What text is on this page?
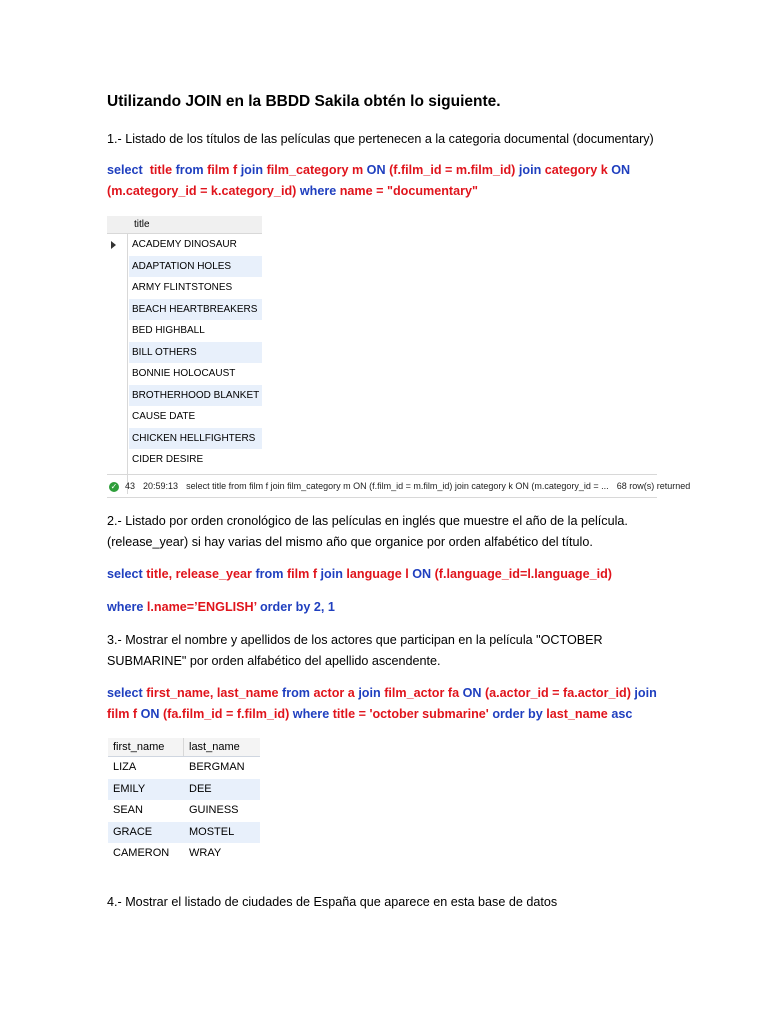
Utilizando JOIN en la BBDD Sakila obtén lo siguiente.
1.- Listado de los títulos de las películas que pertenecen a la categoria documental (documentary)
select  title from film f join film_category m ON (f.film_id = m.film_id) join category k ON
(m.category_id = k.category_id) where name = "documentary"
title
ACADEMY DINOSAUR
ADAPTATION HOLES
ARMY FLINTSTONES
BEACH HEARTBREAKERS
BED HIGHBALL
BILL OTHERS
BONNIE HOLOCAUST
BROTHERHOOD BLANKET
CAUSE DATE
CHICKEN HELLFIGHTERS
CIDER DESIRE
✓ 43 20:59:13 select title from film f join film_category m ON (f.film_id = m.film_id) join category k ON (m.category_id = ... 68 row(s) returned
2.- Listado por orden cronológico de las películas en inglés que muestre el año de la película.
(release_year) si hay varias del mismo año que organice por orden alfabético del título.
select title, release_year from film f join language l ON (f.language_id=l.language_id)
where l.name=’ENGLISH’ order by 2, 1
3.- Mostrar el nombre y apellidos de los actores que participan en la película "OCTOBER
SUBMARINE" por orden alfabético del apellido ascendente.
select first_name, last_name from actor a join film_actor fa ON (a.actor_id = fa.actor_id) join
film f ON (fa.film_id = f.film_id) where title = 'october submarine' order by last_name asc
first_name	last_name
LIZA	BERGMAN
EMILY	DEE
SEAN	GUINESS
GRACE	MOSTEL
CAMERON	WRAY
4.- Mostrar el listado de ciudades de España que aparece en esta base de datos
